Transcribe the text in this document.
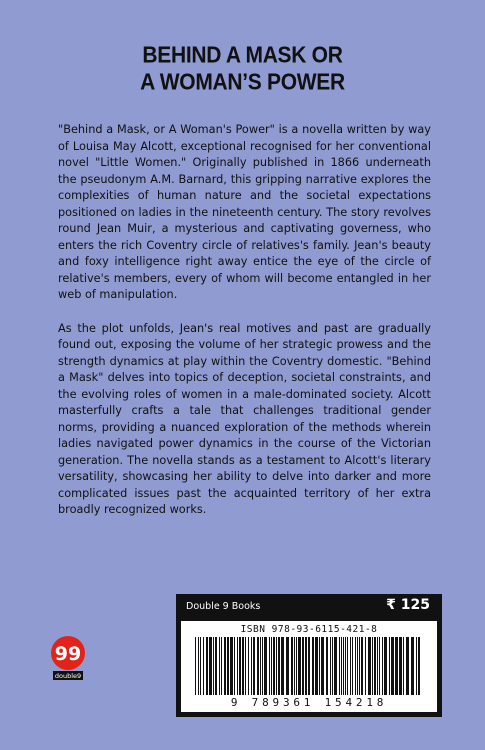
BEHIND A MASK OR
A WOMAN’S POWER

"Behind a Mask, or A Woman's Power" is a novella written by way of Louisa May Alcott, exceptional recognised for her conventional novel "Little Women." Originally published in 1866 underneath the pseudonym A.M. Barnard, this gripping narrative explores the complexities of human nature and the societal expectations positioned on ladies in the nineteenth century. The story revolves round Jean Muir, a mysterious and captivating governess, who enters the rich Coventry circle of relatives's family. Jean's beauty and foxy intelligence right away entice the eye of the circle of relative's members, every of whom will become entangled in her web of manipulation.

As the plot unfolds, Jean's real motives and past are gradually found out, exposing the volume of her strategic prowess and the strength dynamics at play within the Coventry domestic. "Behind a Mask" delves into topics of deception, societal constraints, and the evolving roles of women in a male-dominated society. Alcott masterfully crafts a tale that challenges traditional gender norms, providing a nuanced exploration of the methods wherein ladies navigated power dynamics in the course of the Victorian generation. The novella stands as a testament to Alcott's literary versatility, showcasing her ability to delve into darker and more complicated issues past the acquainted territory of her extra broadly recognized works.

99
double9
Double 9 Books	₹ 125
ISBN 978-93-6115-421-8
9 789361 154218
